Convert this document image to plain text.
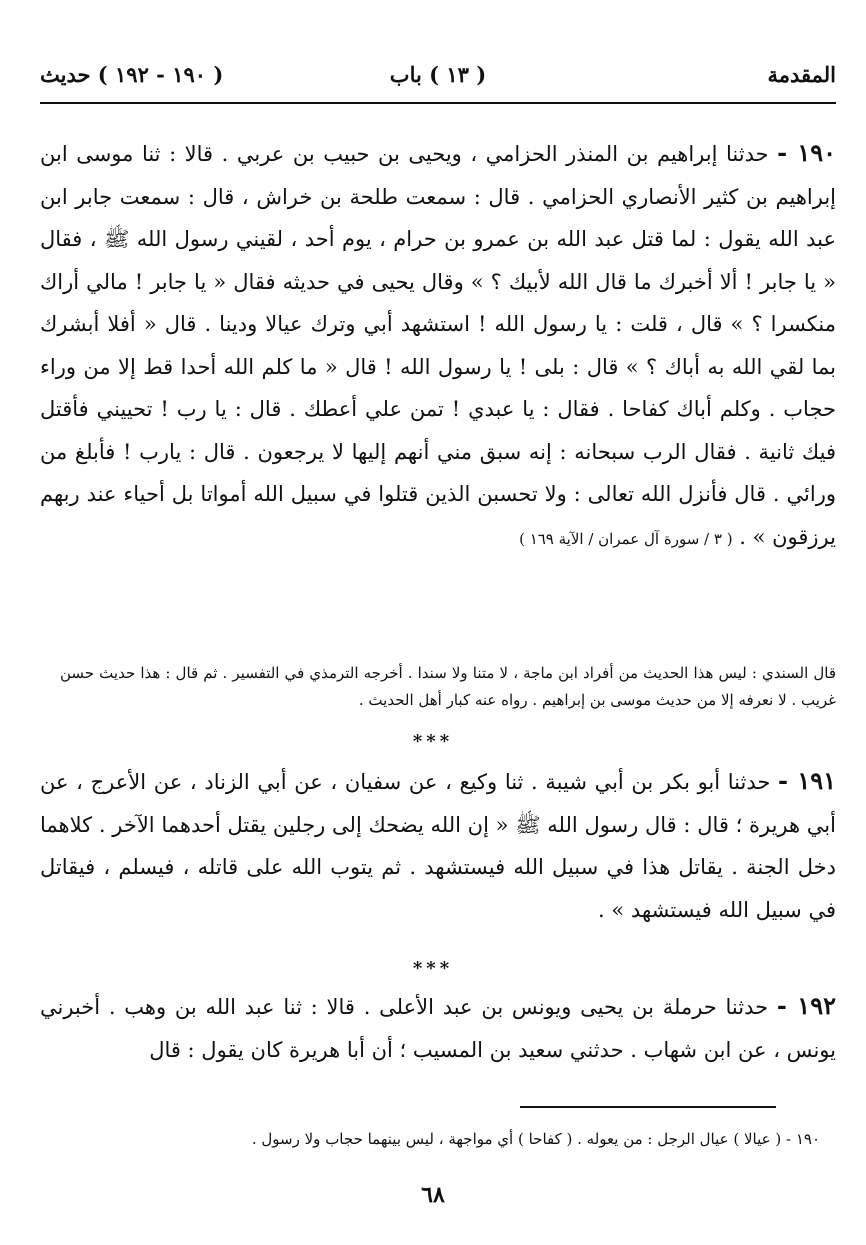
المقدمة
( ١٣ ) باب
( ١٩٠ - ١٩٢ ) حديث
١٩٠ - حدثنا إبراهيم بن المنذر الحزامي ، ويحيى بن حبيب بن عربي . قالا : ثنا موسى ابن إبراهيم بن كثير الأنصاري الحزامي . قال : سمعت طلحة بن خراش ، قال : سمعت جابر ابن عبد الله يقول : لما قتل عبد الله بن عمرو بن حرام ، يوم أحد ، لقيني رسول الله ﷺ ، فقال « يا جابر ! ألا أخبرك ما قال الله لأبيك ؟ » وقال يحيى في حديثه فقال « يا جابر ! مالي أراك منكسرا ؟ » قال ، قلت : يا رسول الله ! استشهد أبي وترك عيالا ودينا . قال « أفلا أبشرك بما لقي الله به أباك ؟ » قال : بلى ! يا رسول الله ! قال « ما كلم الله أحدا قط إلا من وراء حجاب . وكلم أباك كفاحا . فقال : يا عبدي ! تمن علي أعطك . قال : يا رب ! تحييني فأقتل فيك ثانية . فقال الرب سبحانه : إنه سبق مني أنهم إليها لا يرجعون . قال : يارب ! فأبلغ من ورائي . قال فأنزل الله تعالى : ولا تحسبن الذين قتلوا في سبيل الله أمواتا بل أحياء عند ربهم يرزقون » . ( ٣ / سورة آل عمران / الآية ١٦٩ )
قال السندي : ليس هذا الحديث من أفراد ابن ماجة ، لا متنا ولا سندا . أخرجه الترمذي في التفسير . ثم قال : هذا حديث حسن غريب . لا نعرفه إلا من حديث موسى بن إبراهيم . رواه عنه كبار أهل الحديث .
***
١٩١ - حدثنا أبو بكر بن أبي شيبة . ثنا وكيع ، عن سفيان ، عن أبي الزناد ، عن الأعرج ، عن أبي هريرة ؛ قال : قال رسول الله ﷺ « إن الله يضحك إلى رجلين يقتل أحدهما الآخر . كلاهما دخل الجنة . يقاتل هذا في سبيل الله فيستشهد . ثم يتوب الله على قاتله ، فيسلم ، فيقاتل في سبيل الله فيستشهد » .
***
١٩٢ - حدثنا حرملة بن يحيى ويونس بن عبد الأعلى . قالا : ثنا عبد الله بن وهب . أخبرني يونس ، عن ابن شهاب . حدثني سعيد بن المسيب ؛ أن أبا هريرة كان يقول : قال
١٩٠ - ( عيالا ) عيال الرجل : من يعوله . ( كفاحا ) أي مواجهة ، ليس بينهما حجاب ولا رسول .
٦٨
